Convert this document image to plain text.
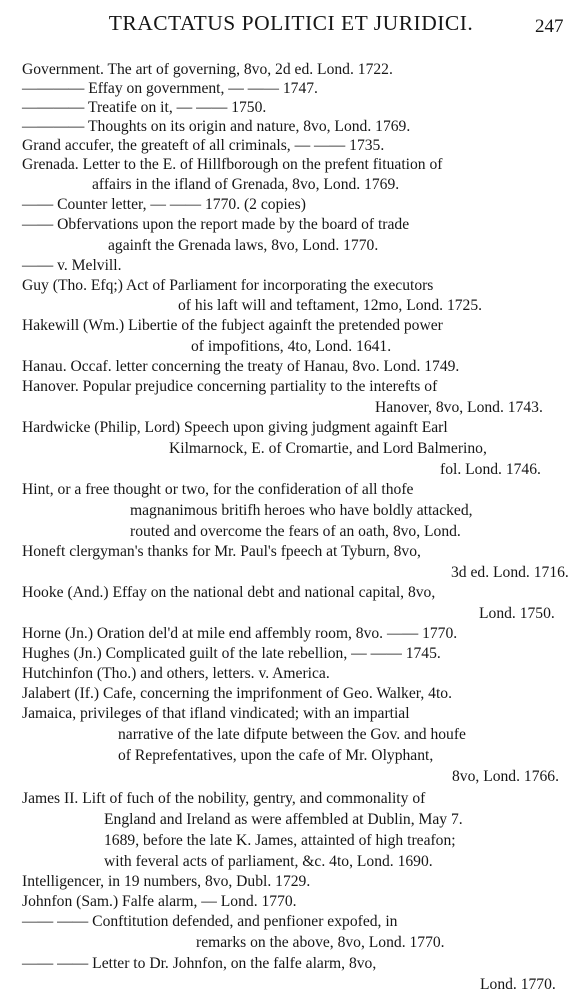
TRACTATUS POLITICI ET JURIDICI.	247
Government. The art of governing, 8vo, 2d ed. Lond. 1722.
———— Effay on government, — —— 1747.
———— Treatife on it, — —— 1750.
———— Thoughts on its origin and nature, 8vo, Lond. 1769.
Grand accufer, the greateft of all criminals, — —— 1735.
Grenada. Letter to the E. of Hillfborough on the prefent fituation of
affairs in the ifland of Grenada, 8vo, Lond. 1769.
—— Counter letter, — —— 1770. (2 copies)
—— Obfervations upon the report made by the board of trade
againft the Grenada laws, 8vo, Lond. 1770.
—— v. Melvill.
Guy (Tho. Efq;) Act of Parliament for incorporating the executors
of his laft will and teftament, 12mo, Lond. 1725.
Hakewill (Wm.) Libertie of the fubject againft the pretended power
of impofitions, 4to, Lond. 1641.
Hanau. Occaf. letter concerning the treaty of Hanau, 8vo. Lond. 1749.
Hanover. Popular prejudice concerning partiality to the interefts of
Hanover, 8vo, Lond. 1743.
Hardwicke (Philip, Lord) Speech upon giving judgment againft Earl
Kilmarnock, E. of Cromartie, and Lord Balmerino,
fol. Lond. 1746.
Hint, or a free thought or two, for the confideration of all thofe
magnanimous britifh heroes who have boldly attacked,
routed and overcome the fears of an oath, 8vo, Lond.
Honeft clergyman's thanks for Mr. Paul's fpeech at Tyburn, 8vo,
3d ed. Lond. 1716.
Hooke (And.) Effay on the national debt and national capital, 8vo,
Lond. 1750.
Horne (Jn.) Oration del'd at mile end affembly room, 8vo. —— 1770.
Hughes (Jn.) Complicated guilt of the late rebellion, — —— 1745.
Hutchinfon (Tho.) and others, letters. v. America.
Jalabert (If.) Cafe, concerning the imprifonment of Geo. Walker, 4to.
Jamaica, privileges of that ifland vindicated; with an impartial
narrative of the late difpute between the Gov. and houfe
of Reprefentatives, upon the cafe of Mr. Olyphant,
8vo, Lond. 1766.
James II. Lift of fuch of the nobility, gentry, and commonality of
England and Ireland as were affembled at Dublin, May 7.
1689, before the late K. James, attainted of high treafon;
with feveral acts of parliament, &c. 4to, Lond. 1690.
Intelligencer, in 19 numbers, 8vo, Dubl. 1729.
Johnfon (Sam.) Falfe alarm, — Lond. 1770.
—— —— Conftitution defended, and penfioner expofed, in
remarks on the above, 8vo, Lond. 1770.
—— —— Letter to Dr. Johnfon, on the falfe alarm, 8vo,
Lond. 1770.
